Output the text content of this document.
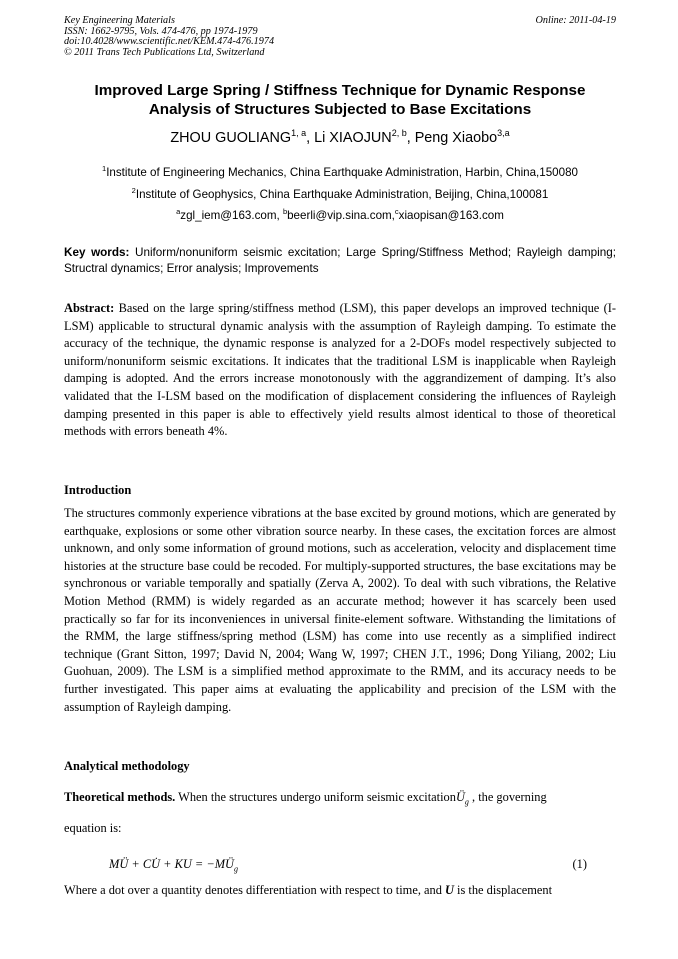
Key Engineering Materials
ISSN: 1662-9795, Vols. 474-476, pp 1974-1979
doi:10.4028/www.scientific.net/KEM.474-476.1974
© 2011 Trans Tech Publications Ltd, Switzerland
Online: 2011-04-19
Improved Large Spring / Stiffness Technique for Dynamic Response
Analysis of Structures Subjected to Base Excitations
ZHOU GUOLIANG$^{1, a}$, Li XIAOJUN$^{2, b}$, Peng Xiaobo$^{3,a}$
$^1$Institute of Engineering Mechanics, China Earthquake Administration, Harbin, China,150080
$^2$Institute of Geophysics, China Earthquake Administration, Beijing, China,100081
$^a$zgl_iem@163.com, $^b$beerli@vip.sina.com,$^c$xiaopisan@163.com
Key words: Uniform/nonuniform seismic excitation; Large Spring/Stiffness Method; Rayleigh damping; Structral dynamics; Error analysis; Improvements
Abstract: Based on the large spring/stiffness method (LSM), this paper develops an improved technique (I-LSM) applicable to structural dynamic analysis with the assumption of Rayleigh damping. To estimate the accuracy of the technique, the dynamic response is analyzed for a 2-DOFs model respectively subjected to uniform/nonuniform seismic excitations. It indicates that the traditional LSM is inapplicable when Rayleigh damping is adopted. And the errors increase monotonously with the aggrandizement of damping. It’s also validated that the I-LSM based on the modification of displacement considering the influences of Rayleigh damping presented in this paper is able to effectively yield results almost identical to those of theoretical methods with errors beneath 4%.
Introduction
The structures commonly experience vibrations at the base excited by ground motions, which are generated by earthquake, explosions or some other vibration source nearby. In these cases, the excitation forces are almost unknown, and only some information of ground motions, such as acceleration, velocity and displacement time histories at the structure base could be recoded. For multiply-supported structures, the base excitations may be synchronous or variable temporally and spatially (Zerva A, 2002). To deal with such vibrations, the Relative Motion Method (RMM) is widely regarded as an accurate method; however it has scarcely been used practically so far for its inconveniences in universal finite-element software. Withstanding the limitations of the RMM, the large stiffness/spring method (LSM) has come into use recently as a simplified indirect technique (Grant Sitton, 1997; David N, 2004; Wang W, 1997; CHEN J.T., 1996; Dong Yiliang, 2002; Liu Guohuan, 2009). The LSM is a simplified method approximate to the RMM, and its accuracy needs to be further investigated. This paper aims at evaluating the applicability and precision of the LSM with the assumption of Rayleigh damping.
Analytical methodology
Theoretical methods. When the structures undergo uniform seismic excitationÜ$_g$ , the governing
equation is:
MÜ + CU̇ + KU = $-MÜ_g$	(1)
Where a dot over a quantity denotes differentiation with respect to time, and U is the displacement
